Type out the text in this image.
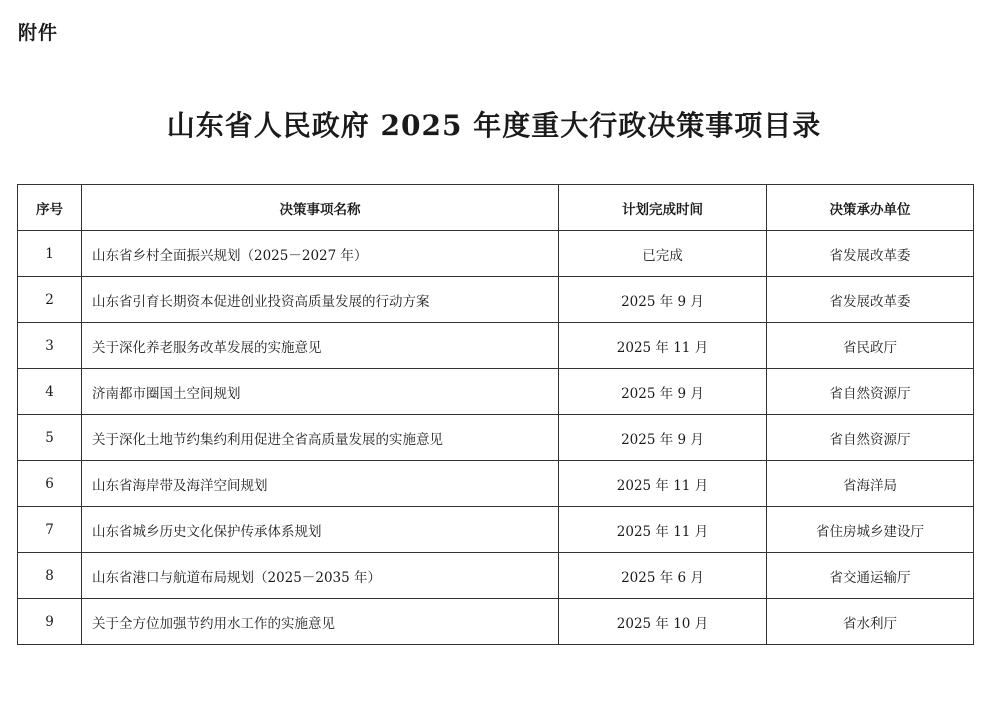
附件
山东省人民政府 2025 年度重大行政决策事项目录
序号	决策事项名称	计划完成时间	决策承办单位
1	山东省乡村全面振兴规划（2025－2027 年）	已完成	省发展改革委
2	山东省引育长期资本促进创业投资高质量发展的行动方案	2025 年 9 月	省发展改革委
3	关于深化养老服务改革发展的实施意见	2025 年 11 月	省民政厅
4	济南都市圈国土空间规划	2025 年 9 月	省自然资源厅
5	关于深化土地节约集约利用促进全省高质量发展的实施意见	2025 年 9 月	省自然资源厅
6	山东省海岸带及海洋空间规划	2025 年 11 月	省海洋局
7	山东省城乡历史文化保护传承体系规划	2025 年 11 月	省住房城乡建设厅
8	山东省港口与航道布局规划（2025－2035 年）	2025 年 6 月	省交通运输厅
9	关于全方位加强节约用水工作的实施意见	2025 年 10 月	省水利厅
